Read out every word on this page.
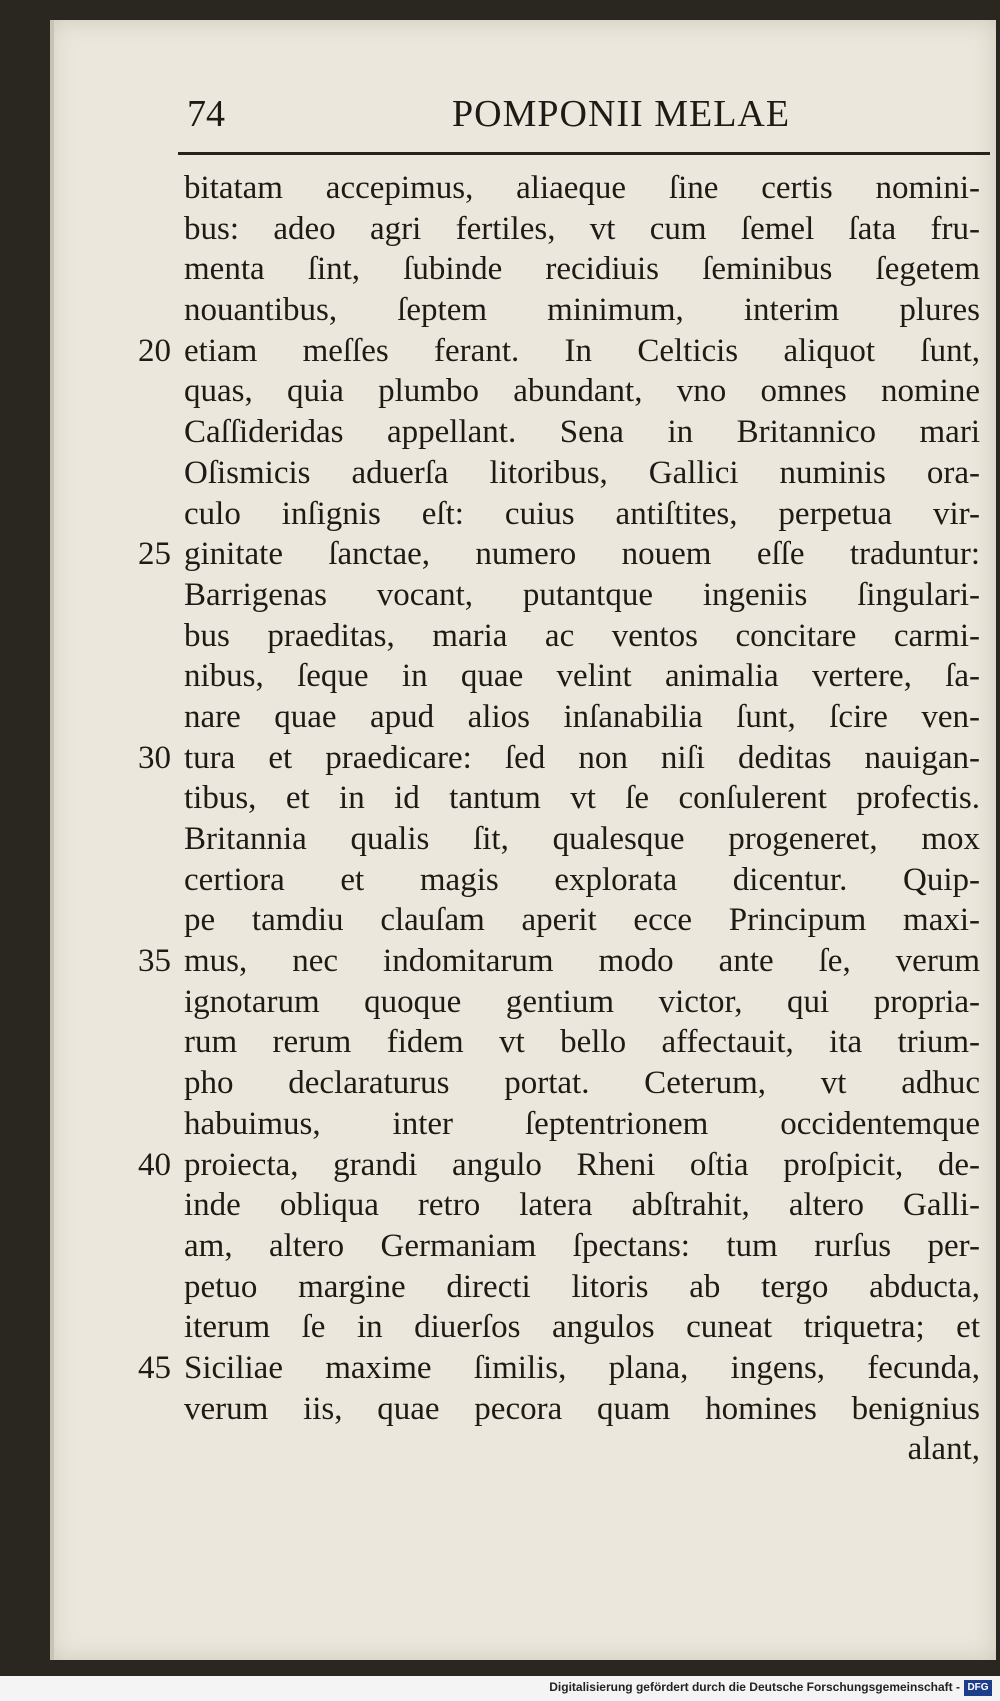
74	POMPONII MELAE
bitatam accepimus, aliaeque ſine certis nomini-
bus: adeo agri fertiles, vt cum ſemel ſata fru-
menta ſint, ſubinde recidiuis ſeminibus ſegetem
nouantibus, ſeptem minimum, interim plures
20 etiam meſſes ferant. In Celticis aliquot ſunt,
quas, quia plumbo abundant, vno omnes nomine
Caſſideridas appellant. Sena in Britannico mari
Oſismicis aduerſa litoribus, Gallici numinis ora-
culo inſignis eſt: cuius antiſtites, perpetua vir-
25 ginitate ſanctae, numero nouem eſſe traduntur:
Barrigenas vocant, putantque ingeniis ſingulari-
bus praeditas, maria ac ventos concitare carmi-
nibus, ſeque in quae velint animalia vertere, ſa-
nare quae apud alios inſanabilia ſunt, ſcire ven-
30 tura et praedicare: ſed non niſi deditas nauigan-
tibus, et in id tantum vt ſe conſulerent profectis.
Britannia qualis ſit, qualesque progeneret, mox
certiora et magis explorata dicentur. Quip-
pe tamdiu clauſam aperit ecce Principum maxi-
35 mus, nec indomitarum modo ante ſe, verum
ignotarum quoque gentium victor, qui propria-
rum rerum fidem vt bello affectauit, ita trium-
pho declaraturus portat. Ceterum, vt adhuc
habuimus, inter ſeptentrionem occidentemque
40 proiecta, grandi angulo Rheni oſtia proſpicit, de-
inde obliqua retro latera abſtrahit, altero Galli-
am, altero Germaniam ſpectans: tum rurſus per-
petuo margine directi litoris ab tergo abducta,
iterum ſe in diuerſos angulos cuneat triquetra; et
45 Siciliae maxime ſimilis, plana, ingens, fecunda,
verum iis, quae pecora quam homines benignius
alant,
Digitalisierung gefördert durch die Deutsche Forschungsgemeinschaft - DFG
